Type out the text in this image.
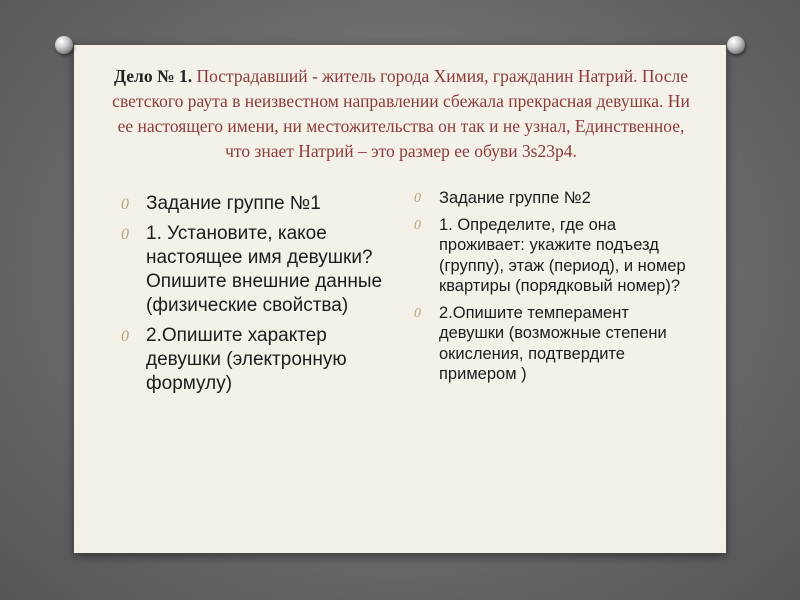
Дело № 1. Пострадавший - житель города Химия, гражданин Натрий. После светского раута в неизвестном направлении сбежала прекрасная девушка. Ни ее настоящего имени, ни местожительства он так и не узнал, Единственное, что знает Натрий – это размер ее обуви 3s23p4.
0 Задание группе №1
0 1. Установите, какое настоящее имя девушки? Опишите внешние данные (физические свойства)
0 2.Опишите характер девушки (электронную формулу)
0 Задание группе №2
0 1. Определите, где она проживает: укажите подъезд (группу), этаж (период), и номер квартиры (порядковый номер)?
0 2.Опишите темперамент девушки (возможные степени окисления, подтвердите примером )
